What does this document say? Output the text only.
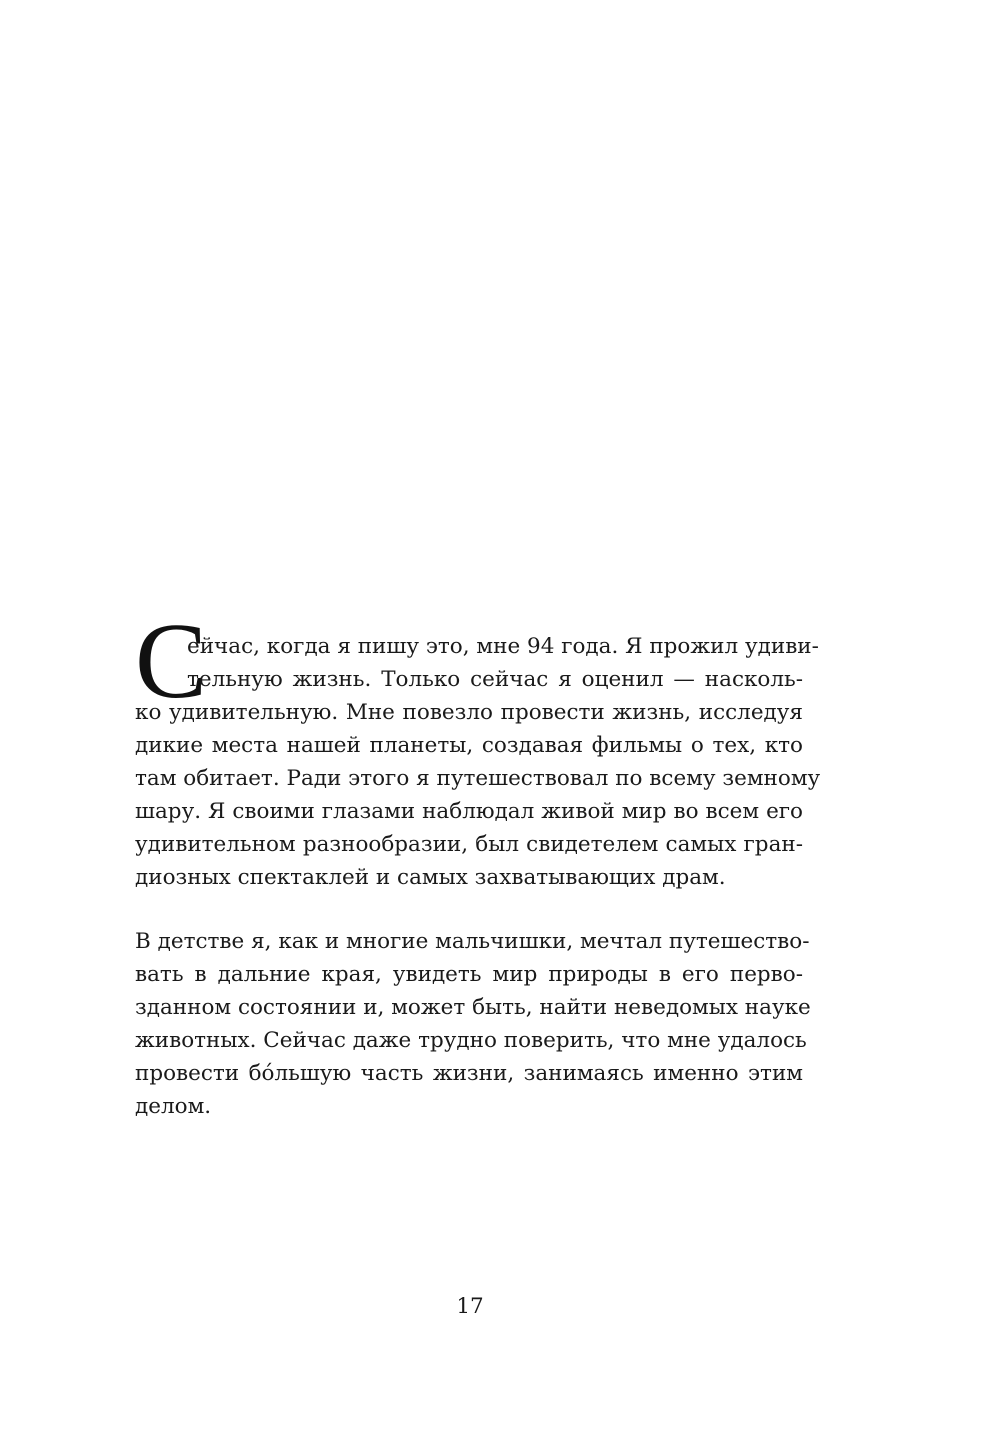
С
ейчас, когда я пишу это, мне 94 года. Я прожил удиви-
тельную жизнь. Только сейчас я оценил — насколь-
ко удивительную. Мне повезло провести жизнь, исследуя
дикие места нашей планеты, создавая фильмы о тех, кто
там обитает. Ради этого я путешествовал по всему земному
шару. Я своими глазами наблюдал живой мир во всем его
удивительном разнообразии, был свидетелем самых гран-
диозных спектаклей и самых захватывающих драм.
В детстве я, как и многие мальчишки, мечтал путешество-
вать в дальние края, увидеть мир природы в его перво-
зданном состоянии и, может быть, найти неведомых науке
животных. Сейчас даже трудно поверить, что мне удалось
провести бóльшую часть жизни, занимаясь именно этим
делом.
17
